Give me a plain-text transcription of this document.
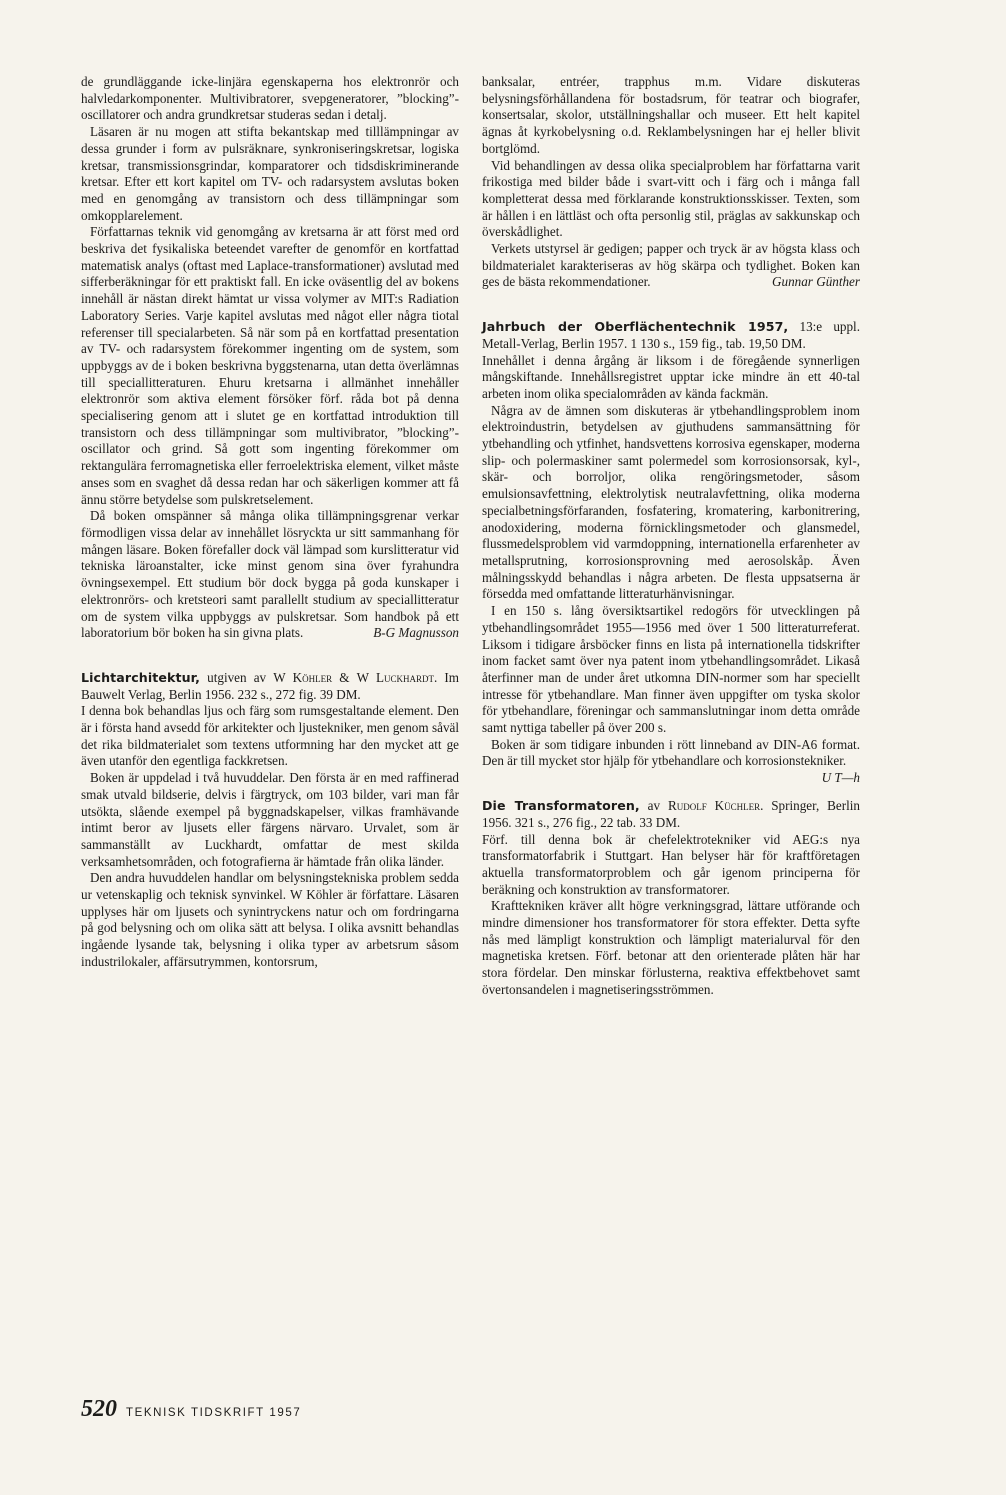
de grundläggande icke-linjära egenskaperna hos elektronrör och halvledarkomponenter. Multivibratorer, svepgeneratorer, ”blocking”-oscillatorer och andra grundkretsar studeras sedan i detalj.

Läsaren är nu mogen att stifta bekantskap med tilllämpningar av dessa grunder i form av pulsräknare, synkroniseringskretsar, logiska kretsar, transmissionsgrindar, komparatorer och tidsdiskriminerande kretsar. Efter ett kort kapitel om TV- och radarsystem avslutas boken med en genomgång av transistorn och dess tillämpningar som omkopplarelement.

Författarnas teknik vid genomgång av kretsarna är att först med ord beskriva det fysikaliska beteendet varefter de genomför en kortfattad matematisk analys (oftast med Laplace-transformationer) avslutad med sifferberäkningar för ett praktiskt fall. En icke oväsentlig del av bokens innehåll är nästan direkt hämtat ur vissa volymer av MIT:s Radiation Laboratory Series. Varje kapitel avslutas med något eller några tiotal referenser till specialarbeten. Så när som på en kortfattad presentation av TV- och radarsystem förekommer ingenting om de system, som uppbyggs av de i boken beskrivna byggstenarna, utan detta överlämnas till speciallitteraturen. Ehuru kretsarna i allmänhet innehåller elektronrör som aktiva element försöker förf. råda bot på denna specialisering genom att i slutet ge en kortfattad introduktion till transistorn och dess tillämpningar som multivibrator, ”blocking”-oscillator och grind. Så gott som ingenting förekommer om rektangulära ferromagnetiska eller ferroelektriska element, vilket måste anses som en svaghet då dessa redan har och säkerligen kommer att få ännu större betydelse som pulskretselement.

Då boken omspänner så många olika tillämpningsgrenar verkar förmodligen vissa delar av innehållet lösryckta ur sitt sammanhang för mången läsare. Boken förefaller dock väl lämpad som kurslitteratur vid tekniska läroanstalter, icke minst genom sina över fyrahundra övningsexempel. Ett studium bör dock bygga på goda kunskaper i elektronrörs- och kretsteori samt parallellt studium av speciallitteratur om de system vilka uppbyggs av pulskretsar. Som handbok på ett laboratorium bör boken ha sin givna plats.	B-G Magnusson

Lichtarchitektur, utgiven av W Köhler & W Luckhardt. Im Bauwelt Verlag, Berlin 1956. 232 s., 272 fig. 39 DM.

I denna bok behandlas ljus och färg som rumsgestaltande element. Den är i första hand avsedd för arkitekter och ljustekniker, men genom såväl det rika bildmaterialet som textens utformning har den mycket att ge även utanför den egentliga fackkretsen.

Boken är uppdelad i två huvuddelar. Den första är en med raffinerad smak utvald bildserie, delvis i färgtryck, om 103 bilder, vari man får utsökta, slående exempel på byggnadskapelser, vilkas framhävande intimt beror av ljusets eller färgens närvaro. Urvalet, som är sammanställt av Luckhardt, omfattar de mest skilda verksamhetsområden, och fotografierna är hämtade från olika länder.

Den andra huvuddelen handlar om belysningstekniska problem sedda ur vetenskaplig och teknisk synvinkel. W Köhler är författare. Läsaren upplyses här om ljusets och synintryckens natur och om fordringarna på god belysning och om olika sätt att belysa. I olika avsnitt behandlas ingående lysande tak, belysning i olika typer av arbetsrum såsom industrilokaler, affärsutrymmen, kontorsrum,

banksalar, entréer, trapphus m.m. Vidare diskuteras belysningsförhållandena för bostadsrum, för teatrar och biografer, konsertsalar, skolor, utställningshallar och museer. Ett helt kapitel ägnas åt kyrkobelysning o.d. Reklambelysningen har ej heller blivit bortglömd.

Vid behandlingen av dessa olika specialproblem har författarna varit frikostiga med bilder både i svart-vitt och i färg och i många fall kompletterat dessa med förklarande konstruktionsskisser. Texten, som är hållen i en lättläst och ofta personlig stil, präglas av sakkunskap och överskådlighet.

Verkets utstyrsel är gedigen; papper och tryck är av högsta klass och bildmaterialet karakteriseras av hög skärpa och tydlighet. Boken kan ges de bästa rekommendationer.	Gunnar Günther

Jahrbuch der Oberflächentechnik 1957, 13:e uppl. Metall-Verlag, Berlin 1957. 1 130 s., 159 fig., tab. 19,50 DM.

Innehållet i denna årgång är liksom i de föregående synnerligen mångskiftande. Innehållsregistret upptar icke mindre än ett 40-tal arbeten inom olika specialområden av kända fackmän.

Några av de ämnen som diskuteras är ytbehandlingsproblem inom elektroindustrin, betydelsen av gjuthudens sammansättning för ytbehandling och ytfinhet, handsvettens korrosiva egenskaper, moderna slip- och polermaskiner samt polermedel som korrosionsorsak, kyl-, skär- och borroljor, olika rengöringsmetoder, såsom emulsionsavfettning, elektrolytisk neutralavfettning, olika moderna specialbetningsförfaranden, fosfatering, kromatering, karbonitrering, anodoxidering, moderna förnicklingsmetoder och glansmedel, flussmedelsproblem vid varmdoppning, internationella erfarenheter av metallsprutning, korrosionsprovning med aerosolskåp. Även målningsskydd behandlas i några arbeten. De flesta uppsatserna är försedda med omfattande litteraturhänvisningar.

I en 150 s. lång översiktsartikel redogörs för utvecklingen på ytbehandlingsområdet 1955—1956 med över 1 500 litteraturreferat. Liksom i tidigare årsböcker finns en lista på internationella tidskrifter inom facket samt över nya patent inom ytbehandlingsområdet. Likaså återfinner man de under året utkomna DIN-normer som har speciellt intresse för ytbehandlare. Man finner även uppgifter om tyska skolor för ytbehandlare, föreningar och sammanslutningar inom detta område samt nyttiga tabeller på över 200 s.

Boken är som tidigare inbunden i rött linneband av DIN-A6 format. Den är till mycket stor hjälp för ytbehandlare och korrosionstekniker.
U T—h

Die Transformatoren, av Rudolf Küchler. Springer, Berlin 1956. 321 s., 276 fig., 22 tab. 33 DM.

Förf. till denna bok är chefelektrotekniker vid AEG:s nya transformatorfabrik i Stuttgart. Han belyser här för kraftföretagen aktuella transformatorproblem och går igenom principerna för beräkning och konstruktion av transformatorer.

Krafttekniken kräver allt högre verkningsgrad, lättare utförande och mindre dimensioner hos transformatorer för stora effekter. Detta syfte nås med lämpligt konstruktion och lämpligt materialurval för den magnetiska kretsen. Förf. betonar att den orienterade plåten här har stora fördelar. Den minskar förlusterna, reaktiva effektbehovet samt övertonsandelen i magnetiseringsströmmen.

520 TEKNISK TIDSKRIFT 1957
